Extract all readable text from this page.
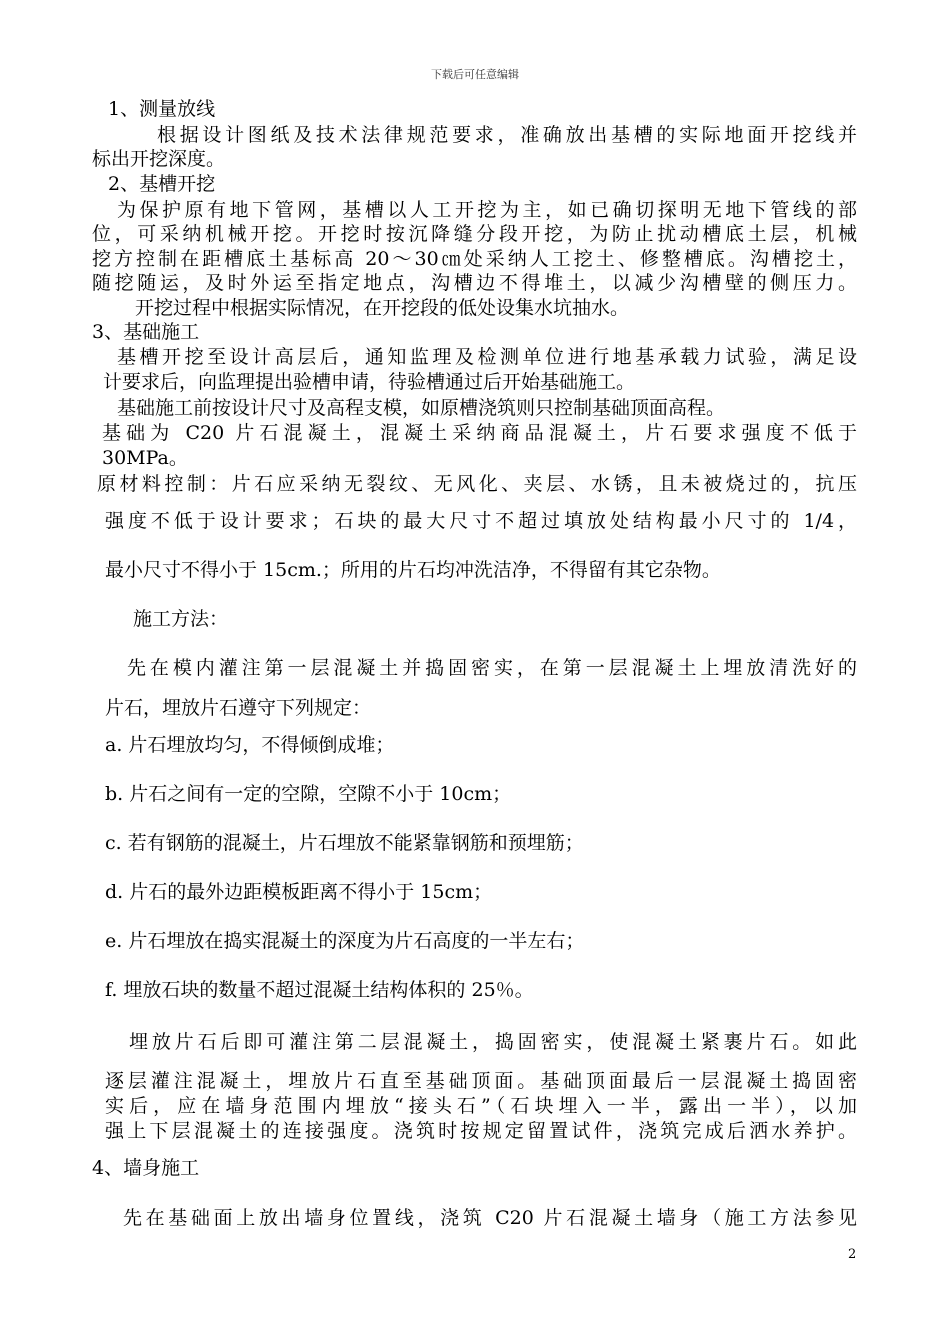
下载后可任意编辑
1、测量放线
根据设计图纸及技术法律规范要求，准确放出基槽的实际地面开挖线并
标出开挖深度。
2、基槽开挖
为保护原有地下管网，基槽以人工开挖为主，如已确切探明无地下管线的部
位，可采纳机械开挖。开挖时按沉降缝分段开挖，为防止扰动槽底土层，机械
挖方控制在距槽底土基标高 20～30㎝处采纳人工挖土、修整槽底。沟槽挖土，
随挖随运，及时外运至指定地点，沟槽边不得堆土，以减少沟槽壁的侧压力。
开挖过程中根据实际情况，在开挖段的低处设集水坑抽水。
3、基础施工
基槽开挖至设计高层后，通知监理及检测单位进行地基承载力试验，满足设
计要求后，向监理提出验槽申请，待验槽通过后开始基础施工。
基础施工前按设计尺寸及高程支模，如原槽浇筑则只控制基础顶面高程。
基础为 C20 片石混凝土，混凝土采纳商品混凝土，片石要求强度不低于
30MPa。
原材料控制：片石应采纳无裂纹、无风化、夹层、水锈，且未被烧过的，抗压
强度不低于设计要求；石块的最大尺寸不超过填放处结构最小尺寸的 1/4，
最小尺寸不得小于 15cm.；所用的片石均冲洗洁净，不得留有其它杂物。
施工方法：
先在模内灌注第一层混凝土并捣固密实，在第一层混凝土上埋放清洗好的
片石，埋放片石遵守下列规定：
a. 片石埋放均匀，不得倾倒成堆；
b. 片石之间有一定的空隙，空隙不小于 10cm；
c. 若有钢筋的混凝土，片石埋放不能紧靠钢筋和预埋筋；
d. 片石的最外边距模板距离不得小于 15cm；
e. 片石埋放在捣实混凝土的深度为片石高度的一半左右；
f. 埋放石块的数量不超过混凝土结构体积的 25％。
埋放片石后即可灌注第二层混凝土，捣固密实，使混凝土紧裹片石。如此
逐层灌注混凝土，埋放片石直至基础顶面。基础顶面最后一层混凝土捣固密
实后，应在墙身范围内埋放“接头石”（石块埋入一半，露出一半），以加
强上下层混凝土的连接强度。浇筑时按规定留置试件，浇筑完成后洒水养护。
4、墙身施工
先在基础面上放出墙身位置线，浇筑 C20 片石混凝土墙身（施工方法参见
2
